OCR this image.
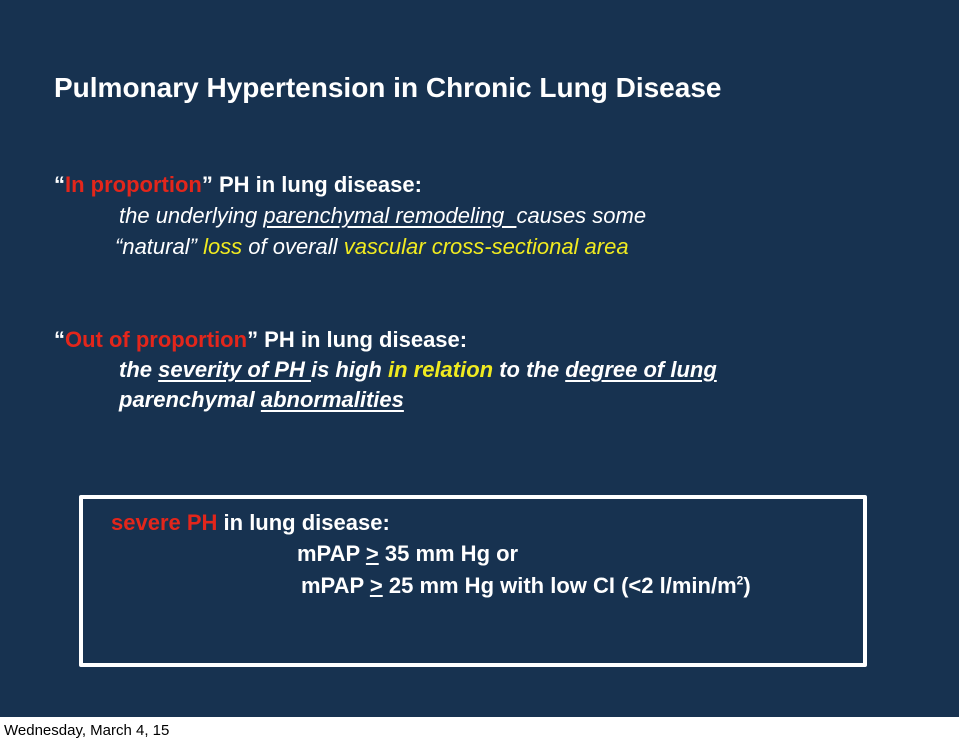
Pulmonary Hypertension in Chronic Lung Disease
“In proportion” PH in lung disease:
the underlying parenchymal remodeling  causes some
“natural” loss of overall vascular cross-sectional area
“Out of proportion” PH in lung disease:
the severity of PH is high in relation to the degree of lung
parenchymal abnormalities
severe PH in lung disease:
mPAP ≥ 35 mm Hg or
mPAP ≥ 25 mm Hg with low CI (<2 $l/\min/m^2$)
Wednesday, March 4, 15
